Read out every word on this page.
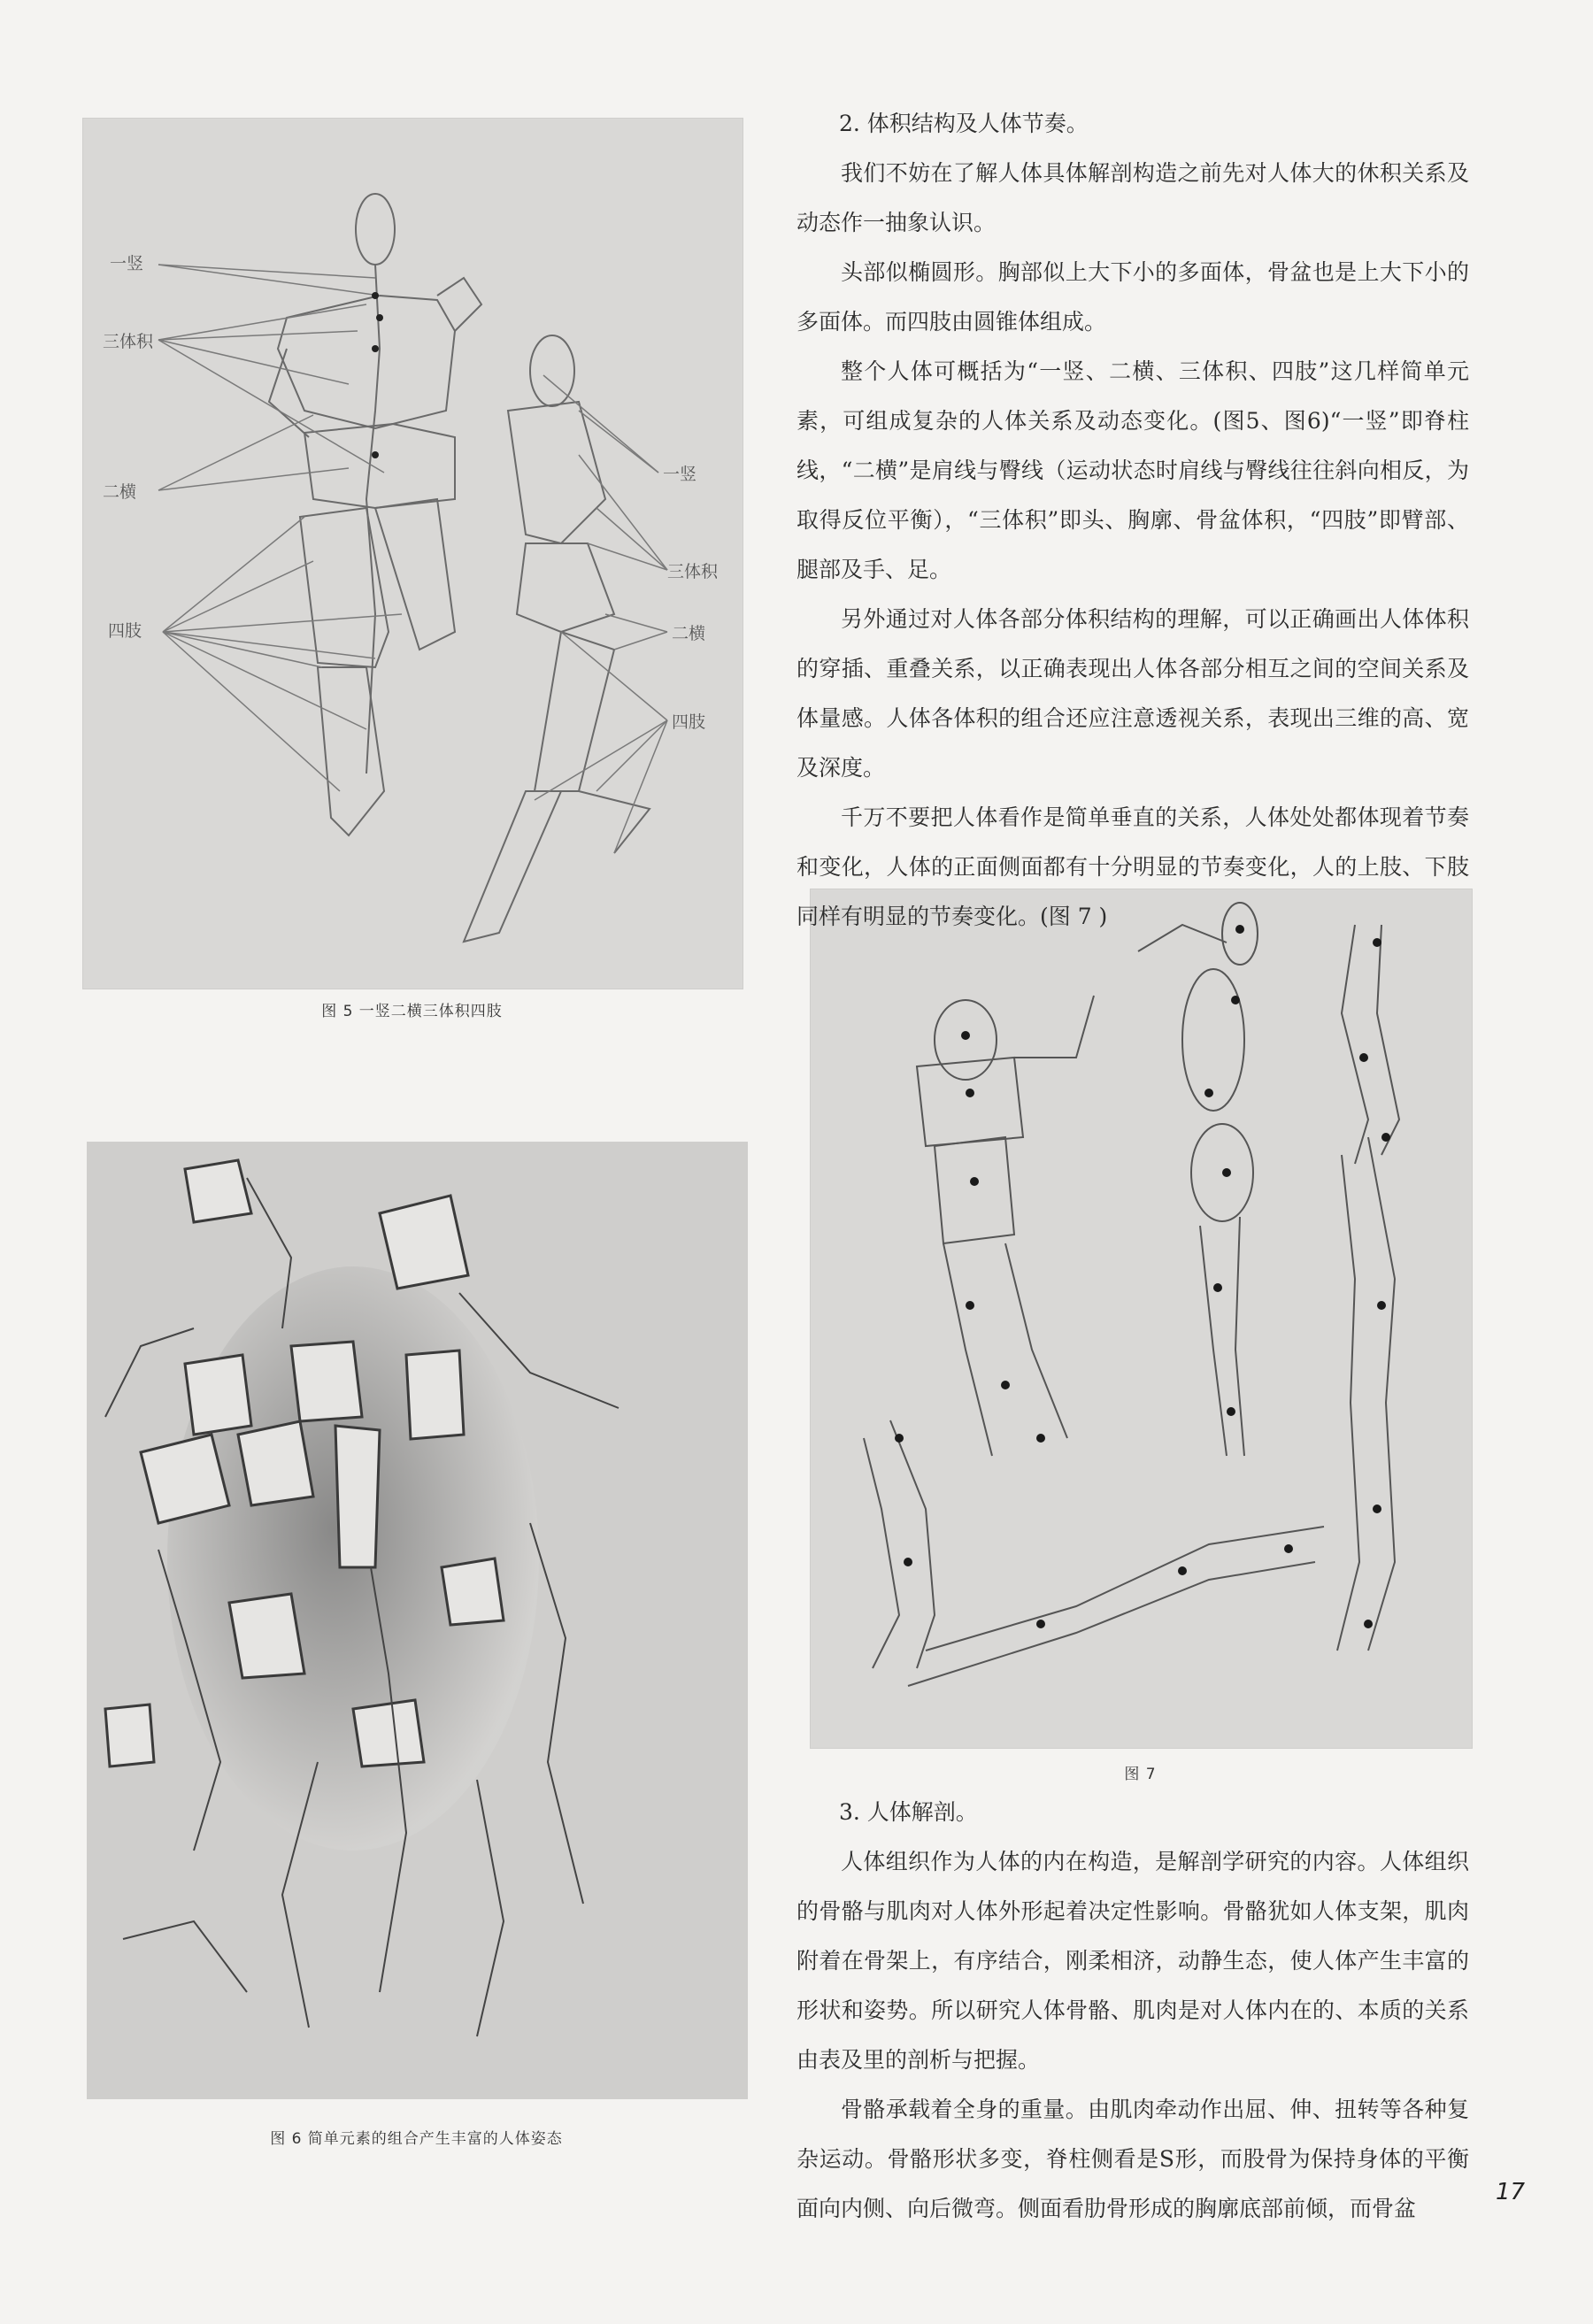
一竖
三体积
二横
四肢
一竖
三体积
二横
四肢
图 5 一竖二横三体积四肢
图 6 简单元素的组合产生丰富的人体姿态
图 7

2. 体积结构及人体节奏。

我们不妨在了解人体具体解剖构造之前先对人体大的休积关系及动态作一抽象认识。

头部似椭圆形。胸部似上大下小的多面体，骨盆也是上大下小的多面体。而四肢由圆锥体组成。

整个人体可概括为“一竖、二横、三体积、四肢”这几样简单元素，可组成复杂的人体关系及动态变化。(图5、图6)“一竖”即脊柱线，“二横”是肩线与臀线（运动状态时肩线与臀线往往斜向相反，为取得反位平衡），“三体积”即头、胸廓、骨盆体积，“四肢”即臂部、腿部及手、足。

另外通过对人体各部分体积结构的理解，可以正确画出人体体积的穿插、重叠关系，以正确表现出人体各部分相互之间的空间关系及体量感。人体各体积的组合还应注意透视关系，表现出三维的高、宽及深度。

千万不要把人体看作是简单垂直的关系，人体处处都体现着节奏和变化，人体的正面侧面都有十分明显的节奏变化，人的上肢、下肢同样有明显的节奏变化。(图 7 )

3. 人体解剖。

人体组织作为人体的内在构造，是解剖学研究的内容。人体组织的骨骼与肌肉对人体外形起着决定性影响。骨骼犹如人体支架，肌肉附着在骨架上，有序结合，刚柔相济，动静生态，使人体产生丰富的形状和姿势。所以研究人体骨骼、肌肉是对人体内在的、本质的关系由表及里的剖析与把握。

骨骼承载着全身的重量。由肌肉牵动作出屈、伸、扭转等各种复杂运动。骨骼形状多变，脊柱侧看是S形，而股骨为保持身体的平衡面向内侧、向后微弯。侧面看肋骨形成的胸廓底部前倾，而骨盆

17
